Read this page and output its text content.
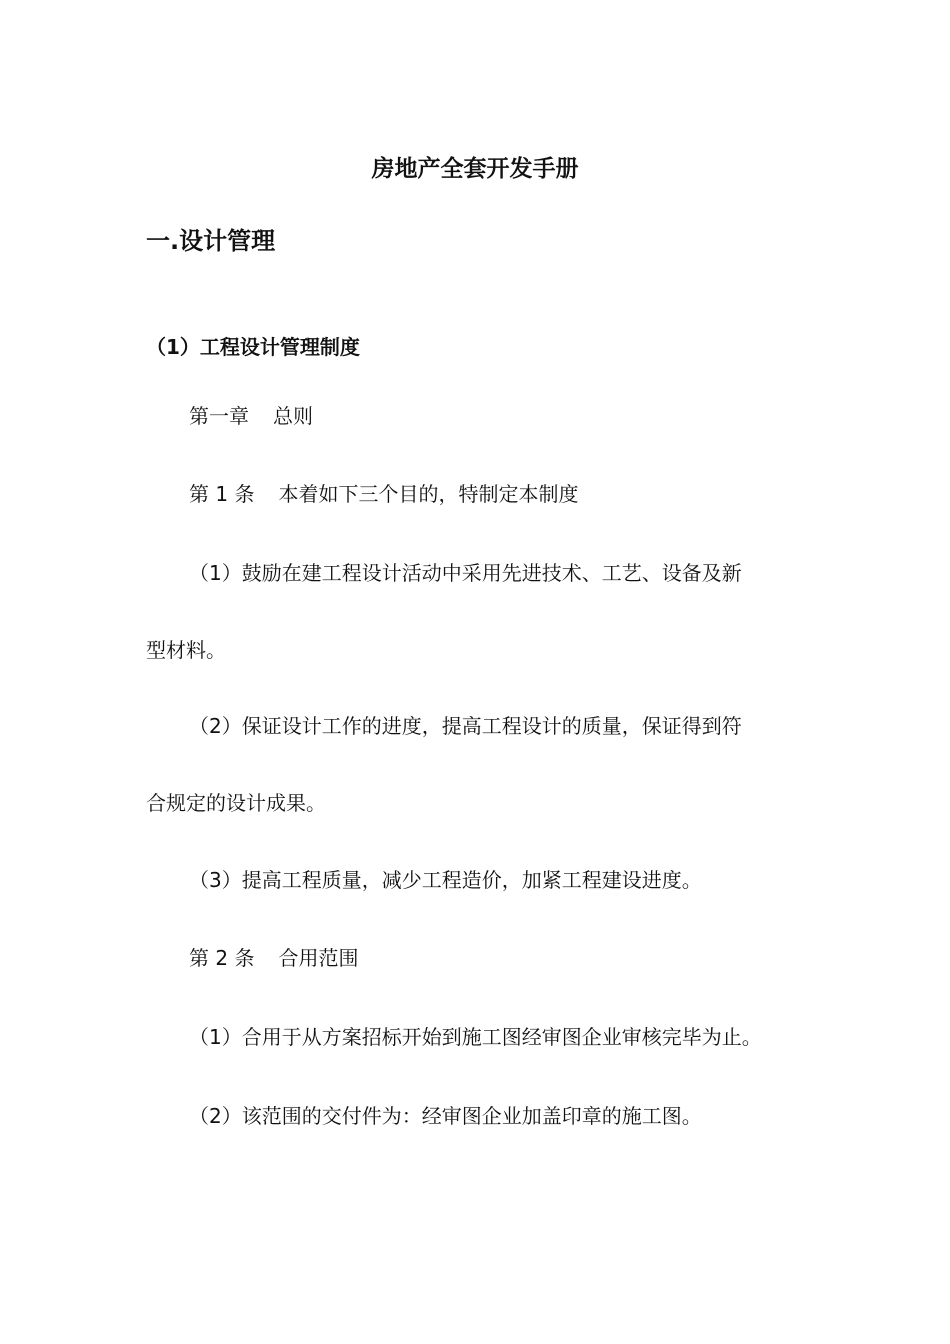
房地产全套开发手册
一.设计管理
（1）工程设计管理制度
第一章 总则
第 1 条 本着如下三个目的，特制定本制度
（1）鼓励在建工程设计活动中采用先进技术、工艺、设备及新
型材料。
（2）保证设计工作的进度，提高工程设计的质量，保证得到符
合规定的设计成果。
（3）提高工程质量，减少工程造价，加紧工程建设进度。
第 2 条 合用范围
（1）合用于从方案招标开始到施工图经审图企业审核完毕为止。
（2）该范围的交付件为：经审图企业加盖印章的施工图。
